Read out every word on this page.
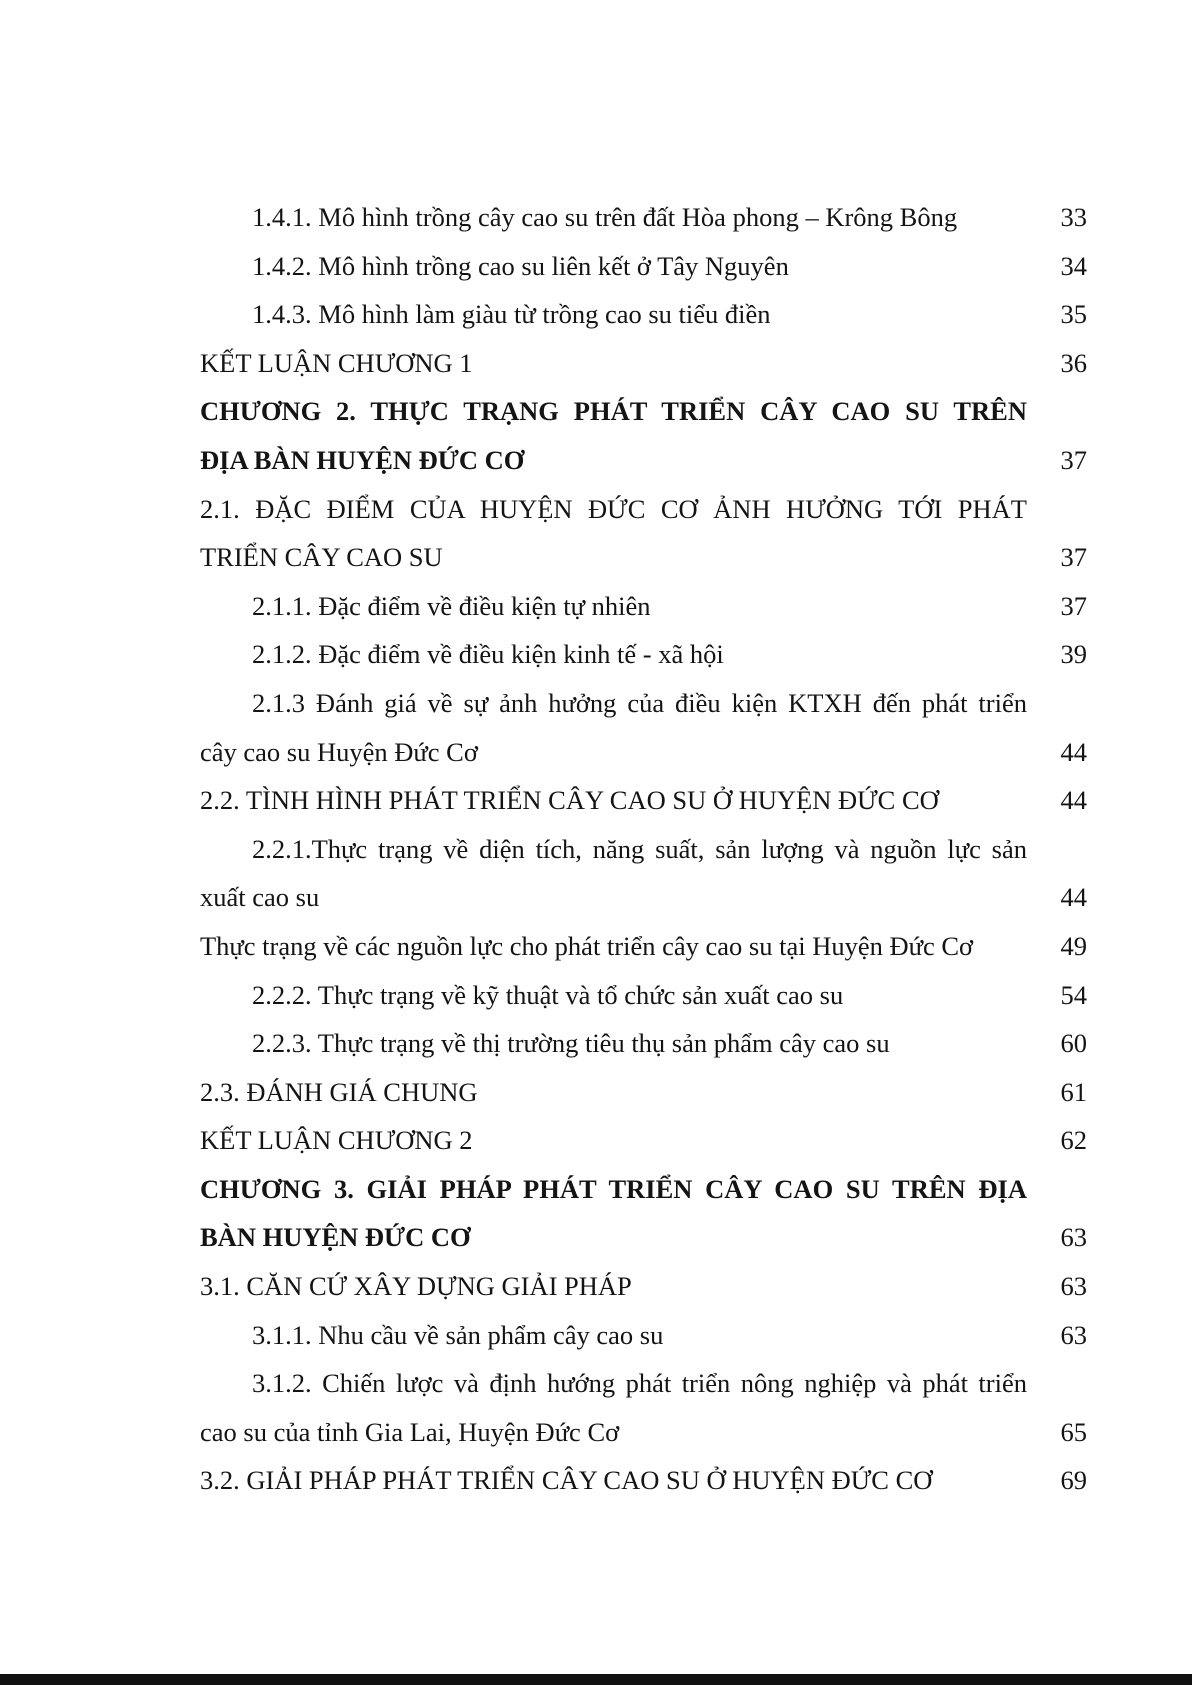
1.4.1. Mô hình trồng cây cao su trên đất Hòa phong – Krông Bông	33
1.4.2. Mô hình trồng cao su liên kết ở Tây Nguyên	34
1.4.3. Mô hình làm giàu từ trồng cao su tiểu điền	35
KẾT LUẬN CHƯƠNG 1	36
CHƯƠNG 2. THỰC TRẠNG PHÁT TRIỂN CÂY CAO SU TRÊN
ĐỊA BÀN HUYỆN ĐỨC CƠ	37
2.1. ĐẶC ĐIỂM CỦA HUYỆN ĐỨC CƠ ẢNH HƯỞNG TỚI PHÁT
TRIỂN CÂY CAO SU	37
2.1.1. Đặc điểm về điều kiện tự nhiên	37
2.1.2. Đặc điểm về điều kiện kinh tế - xã hội	39
2.1.3 Đánh giá về sự ảnh hưởng của điều kiện KTXH đến phát triển
cây cao su Huyện Đức Cơ	44
2.2. TÌNH HÌNH PHÁT TRIỂN CÂY CAO SU Ở HUYỆN ĐỨC CƠ	44
2.2.1.Thực trạng về diện tích, năng suất, sản lượng và nguồn lực sản
xuất cao su	44
Thực trạng về các nguồn lực cho phát triển cây cao su tại Huyện Đức Cơ	49
2.2.2. Thực trạng về kỹ thuật và tổ chức sản xuất cao su	54
2.2.3. Thực trạng về thị trường tiêu thụ sản phẩm cây cao su	60
2.3. ĐÁNH GIÁ CHUNG	61
KẾT LUẬN CHƯƠNG 2	62
CHƯƠNG 3. GIẢI PHÁP PHÁT TRIỂN CÂY CAO SU TRÊN ĐỊA
BÀN HUYỆN ĐỨC CƠ	63
3.1. CĂN CỨ XÂY DỰNG GIẢI PHÁP	63
3.1.1. Nhu cầu về sản phẩm cây cao su	63
3.1.2. Chiến lược và định hướng phát triển nông nghiệp và phát triển
cao su của tỉnh Gia Lai, Huyện Đức Cơ	65
3.2. GIẢI PHÁP PHÁT TRIỂN CÂY CAO SU Ở HUYỆN ĐỨC CƠ	69
